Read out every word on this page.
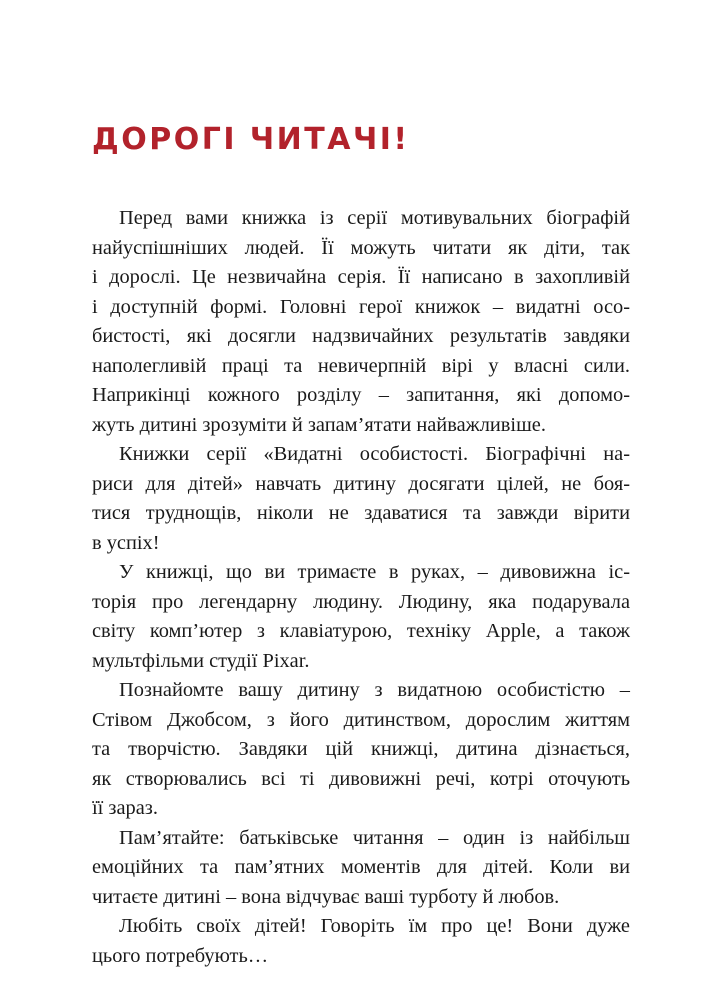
ДОРОГІ ЧИТАЧІ!
Перед вами книжка із серії мотивувальних біографій
найуспішніших людей. Її можуть читати як діти, так
і дорослі. Це незвичайна серія. Її написано в захопливій
і доступній формі. Головні герої книжок – видатні осо-
бистості, які досягли надзвичайних результатів завдяки
наполегливій праці та невичерпній вірі у власні сили.
Наприкінці кожного розділу – запитання, які допомо-
жуть дитині зрозуміти й запам’ятати найважливіше.
Книжки серії «Видатні особистості. Біографічні на-
риси для дітей» навчать дитину досягати цілей, не боя-
тися труднощів, ніколи не здаватися та завжди вірити
в успіх!
У книжці, що ви тримаєте в руках, – дивовижна іс-
торія про легендарну людину. Людину, яка подарувала
світу комп’ютер з клавіатурою, техніку Apple, а також
мультфільми студії Pixar.
Познайомте вашу дитину з видатною особистістю –
Стівом Джобсом, з його дитинством, дорослим життям
та творчістю. Завдяки цій книжці, дитина дізнається,
як створювались всі ті дивовижні речі, котрі оточують
її зараз.
Пам’ятайте: батьківське читання – один із найбільш
емоційних та пам’ятних моментів для дітей. Коли ви
читаєте дитині – вона відчуває ваші турботу й любов.
Любіть своїх дітей! Говоріть їм про це! Вони дуже
цього потребують…
